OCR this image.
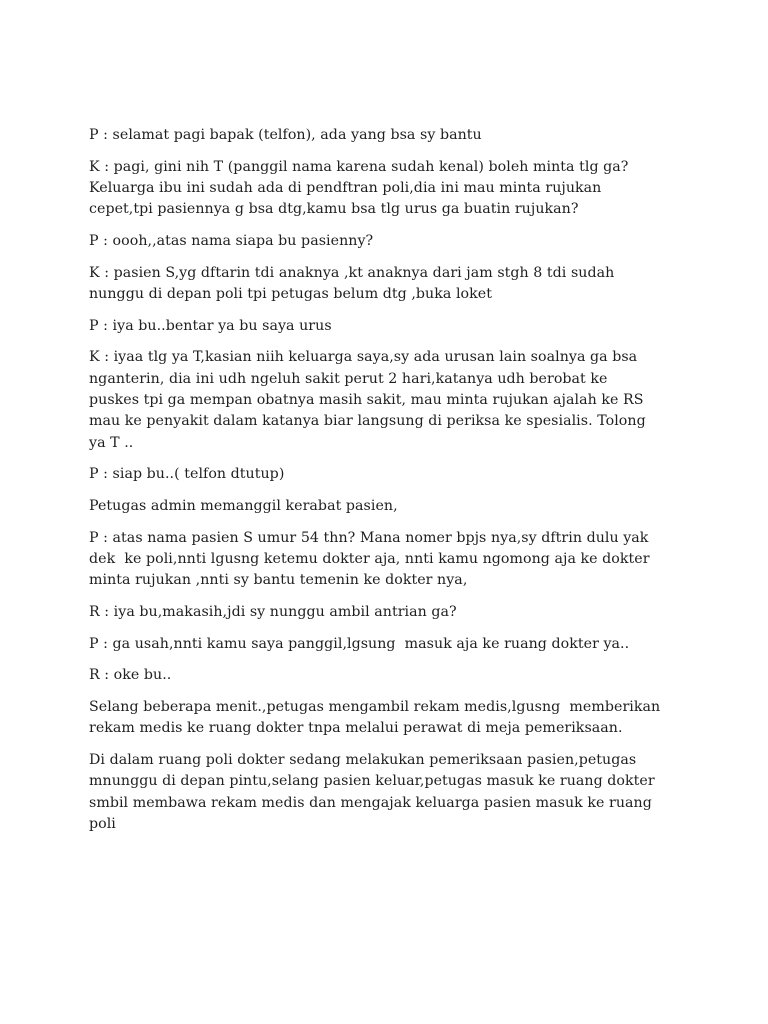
P : selamat pagi bapak (telfon), ada yang bsa sy bantu

K : pagi, gini nih T (panggil nama karena sudah kenal) boleh minta tlg ga?
Keluarga ibu ini sudah ada di pendftran poli,dia ini mau minta rujukan
cepet,tpi pasiennya g bsa dtg,kamu bsa tlg urus ga buatin rujukan?

P : oooh,,atas nama siapa bu pasienny?

K : pasien S,yg dftarin tdi anaknya ,kt anaknya dari jam stgh 8 tdi sudah
nunggu di depan poli tpi petugas belum dtg ,buka loket

P : iya bu..bentar ya bu saya urus

K : iyaa tlg ya T,kasian niih keluarga saya,sy ada urusan lain soalnya ga bsa
nganterin, dia ini udh ngeluh sakit perut 2 hari,katanya udh berobat ke
puskes tpi ga mempan obatnya masih sakit, mau minta rujukan ajalah ke RS
mau ke penyakit dalam katanya biar langsung di periksa ke spesialis. Tolong
ya T ..

P : siap bu..( telfon dtutup)

Petugas admin memanggil kerabat pasien,

P : atas nama pasien S umur 54 thn? Mana nomer bpjs nya,sy dftrin dulu yak
dek  ke poli,nnti lgusng ketemu dokter aja, nnti kamu ngomong aja ke dokter
minta rujukan ,nnti sy bantu temenin ke dokter nya,

R : iya bu,makasih,jdi sy nunggu ambil antrian ga?

P : ga usah,nnti kamu saya panggil,lgsung  masuk aja ke ruang dokter ya..

R : oke bu..

Selang beberapa menit.,petugas mengambil rekam medis,lgusng  memberikan
rekam medis ke ruang dokter tnpa melalui perawat di meja pemeriksaan.

Di dalam ruang poli dokter sedang melakukan pemeriksaan pasien,petugas
mnunggu di depan pintu,selang pasien keluar,petugas masuk ke ruang dokter
smbil membawa rekam medis dan mengajak keluarga pasien masuk ke ruang
poli
